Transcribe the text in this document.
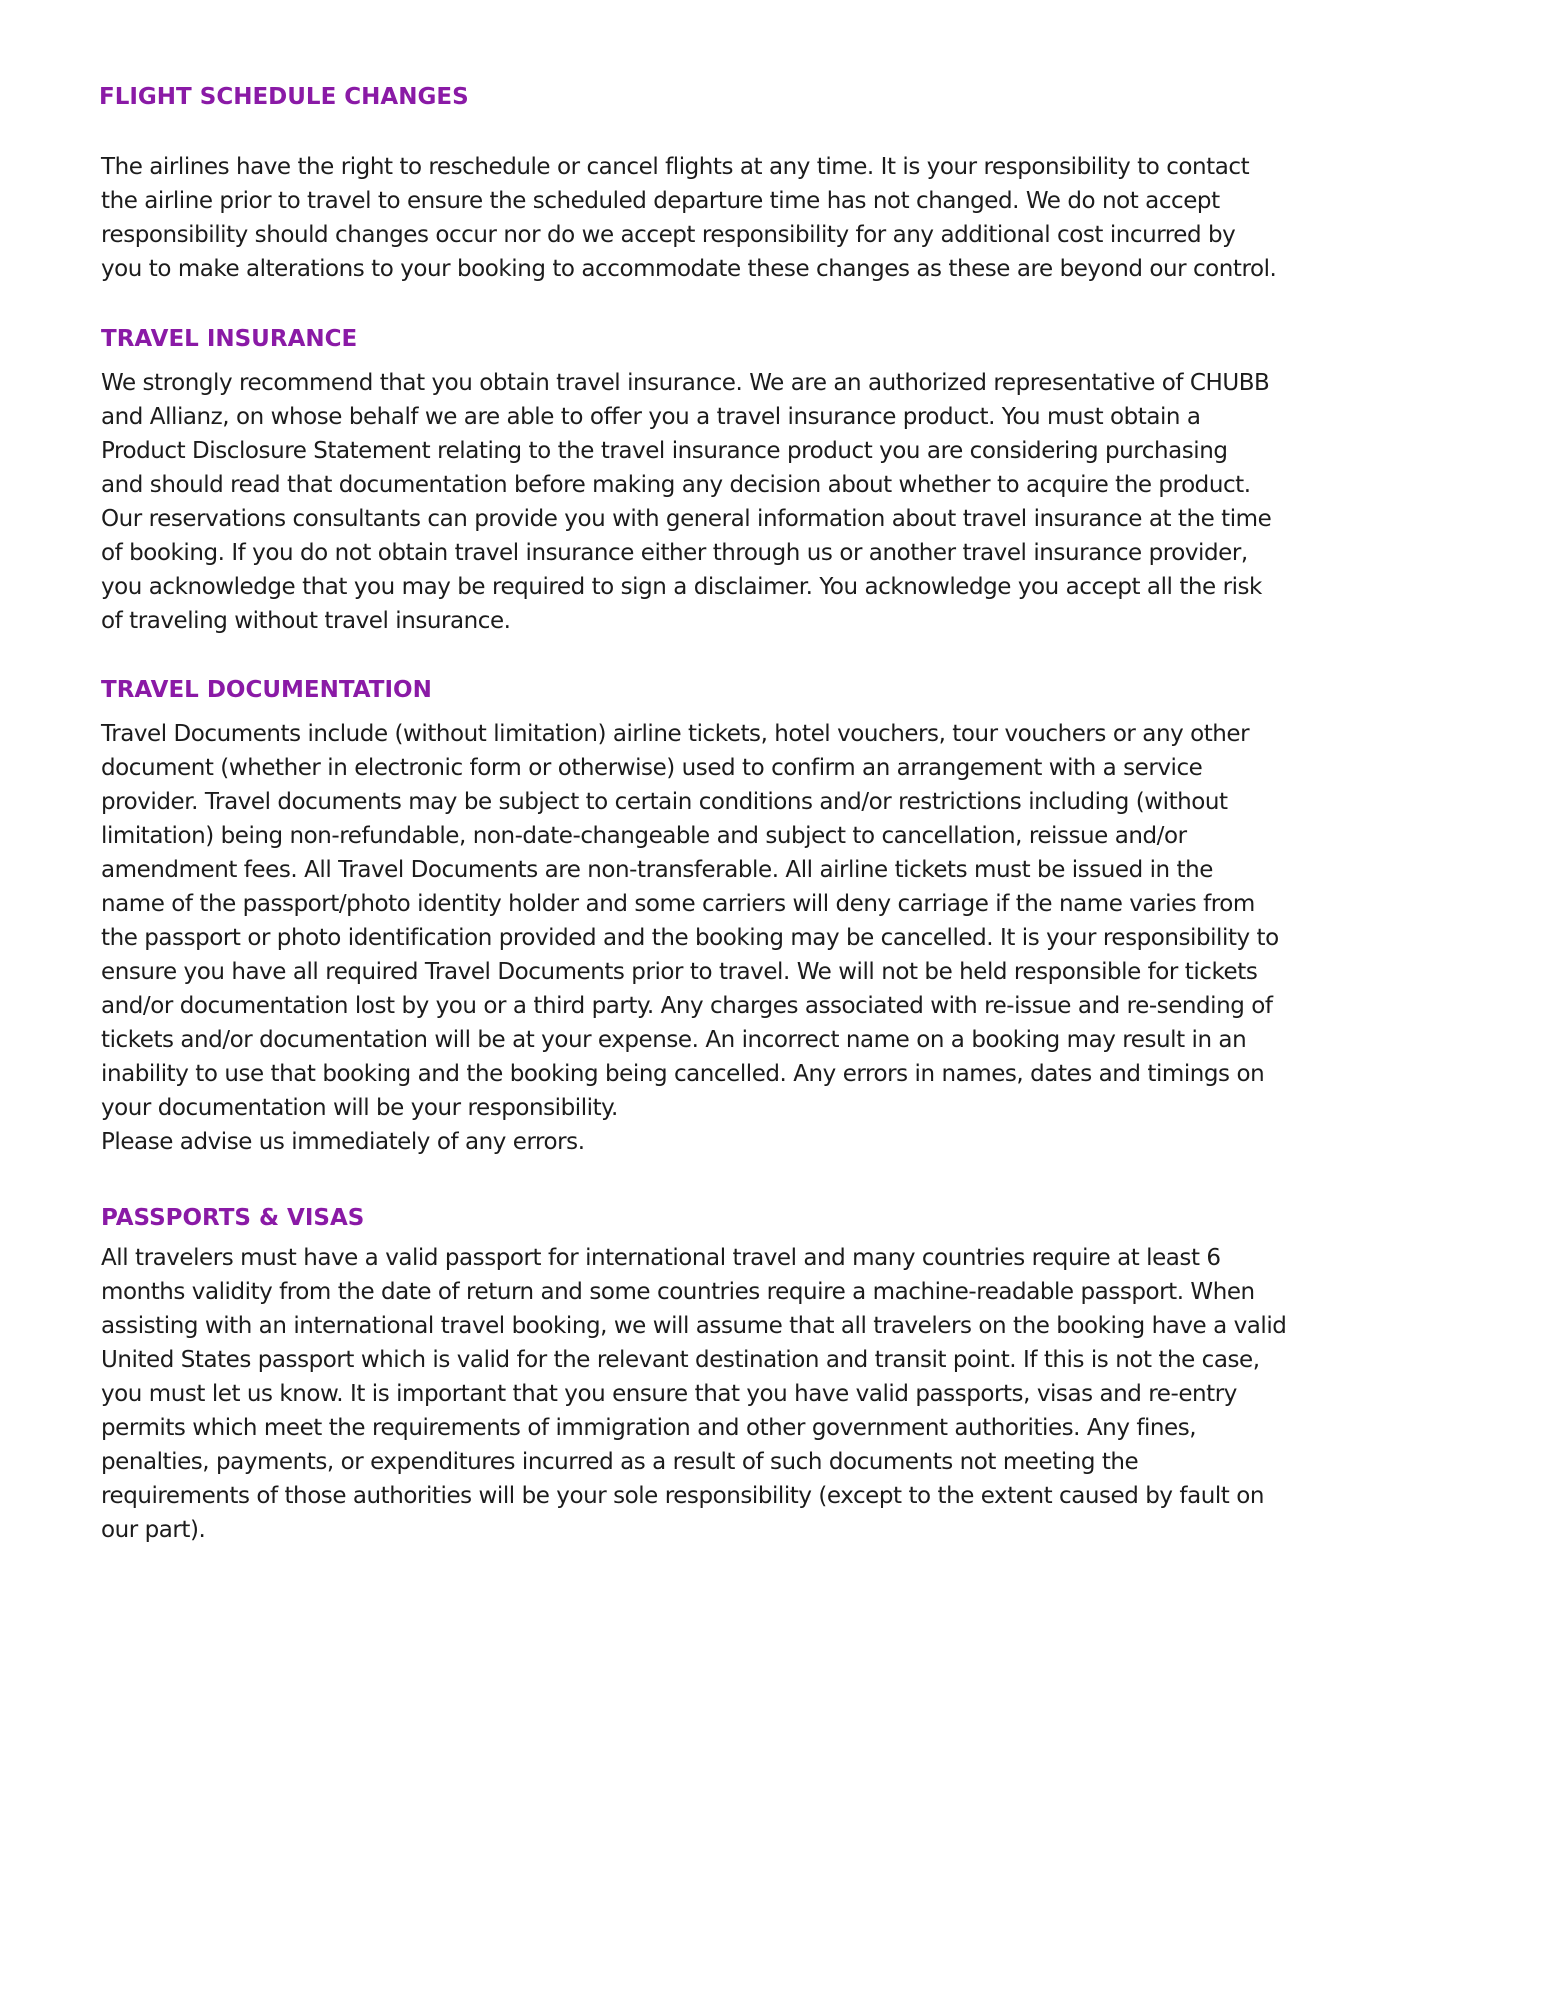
FLIGHT SCHEDULE CHANGES

The airlines have the right to reschedule or cancel flights at any time. It is your responsibility to contact
the airline prior to travel to ensure the scheduled departure time has not changed. We do not accept
responsibility should changes occur nor do we accept responsibility for any additional cost incurred by
you to make alterations to your booking to accommodate these changes as these are beyond our control.

TRAVEL INSURANCE

We strongly recommend that you obtain travel insurance. We are an authorized representative of CHUBB
and Allianz, on whose behalf we are able to offer you a travel insurance product. You must obtain a
Product Disclosure Statement relating to the travel insurance product you are considering purchasing
and should read that documentation before making any decision about whether to acquire the product.
Our reservations consultants can provide you with general information about travel insurance at the time
of booking. If you do not obtain travel insurance either through us or another travel insurance provider,
you acknowledge that you may be required to sign a disclaimer. You acknowledge you accept all the risk
of traveling without travel insurance.

TRAVEL DOCUMENTATION

Travel Documents include (without limitation) airline tickets, hotel vouchers, tour vouchers or any other
document (whether in electronic form or otherwise) used to confirm an arrangement with a service
provider. Travel documents may be subject to certain conditions and/or restrictions including (without
limitation) being non-refundable, non-date-changeable and subject to cancellation, reissue and/or
amendment fees. All Travel Documents are non-transferable. All airline tickets must be issued in the
name of the passport/photo identity holder and some carriers will deny carriage if the name varies from
the passport or photo identification provided and the booking may be cancelled. It is your responsibility to
ensure you have all required Travel Documents prior to travel. We will not be held responsible for tickets
and/or documentation lost by you or a third party. Any charges associated with re-issue and re-sending of
tickets and/or documentation will be at your expense. An incorrect name on a booking may result in an
inability to use that booking and the booking being cancelled. Any errors in names, dates and timings on
your documentation will be your responsibility.
Please advise us immediately of any errors.

PASSPORTS & VISAS

All travelers must have a valid passport for international travel and many countries require at least 6
months validity from the date of return and some countries require a machine-readable passport. When
assisting with an international travel booking, we will assume that all travelers on the booking have a valid
United States passport which is valid for the relevant destination and transit point. If this is not the case,
you must let us know. It is important that you ensure that you have valid passports, visas and re-entry
permits which meet the requirements of immigration and other government authorities. Any fines,
penalties, payments, or expenditures incurred as a result of such documents not meeting the
requirements of those authorities will be your sole responsibility (except to the extent caused by fault on
our part).
